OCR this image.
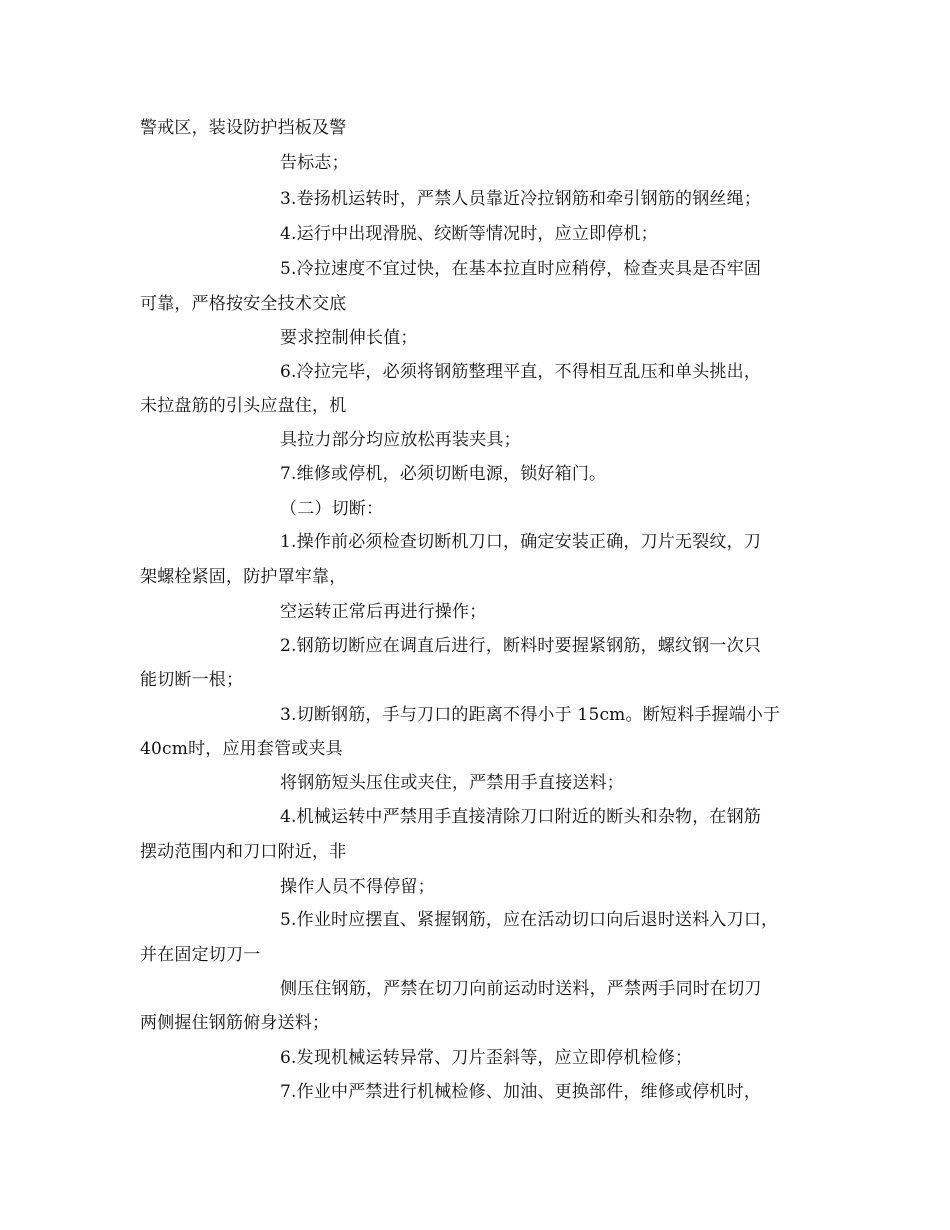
警戒区，装设防护挡板及警
告标志；
3.卷扬机运转时，严禁人员靠近冷拉钢筋和牵引钢筋的钢丝绳；
4.运行中出现滑脱、绞断等情况时，应立即停机；
5.冷拉速度不宜过快，在基本拉直时应稍停，检查夹具是否牢固
可靠，严格按安全技术交底
要求控制伸长值；
6.冷拉完毕，必须将钢筋整理平直，不得相互乱压和单头挑出，
未拉盘筋的引头应盘住，机
具拉力部分均应放松再装夹具；
7.维修或停机，必须切断电源，锁好箱门。
（二）切断：
1.操作前必须检查切断机刀口，确定安装正确，刀片无裂纹，刀
架螺栓紧固，防护罩牢靠，
空运转正常后再进行操作；
2.钢筋切断应在调直后进行，断料时要握紧钢筋，螺纹钢一次只
能切断一根；
3.切断钢筋，手与刀口的距离不得小于 15cm。断短料手握端小于
40cm时，应用套管或夹具
将钢筋短头压住或夹住，严禁用手直接送料；
4.机械运转中严禁用手直接清除刀口附近的断头和杂物，在钢筋
摆动范围内和刀口附近，非
操作人员不得停留；
5.作业时应摆直、紧握钢筋，应在活动切口向后退时送料入刀口，
并在固定切刀一
侧压住钢筋，严禁在切刀向前运动时送料，严禁两手同时在切刀
两侧握住钢筋俯身送料；
6.发现机械运转异常、刀片歪斜等，应立即停机检修；
7.作业中严禁进行机械检修、加油、更换部件，维修或停机时，
